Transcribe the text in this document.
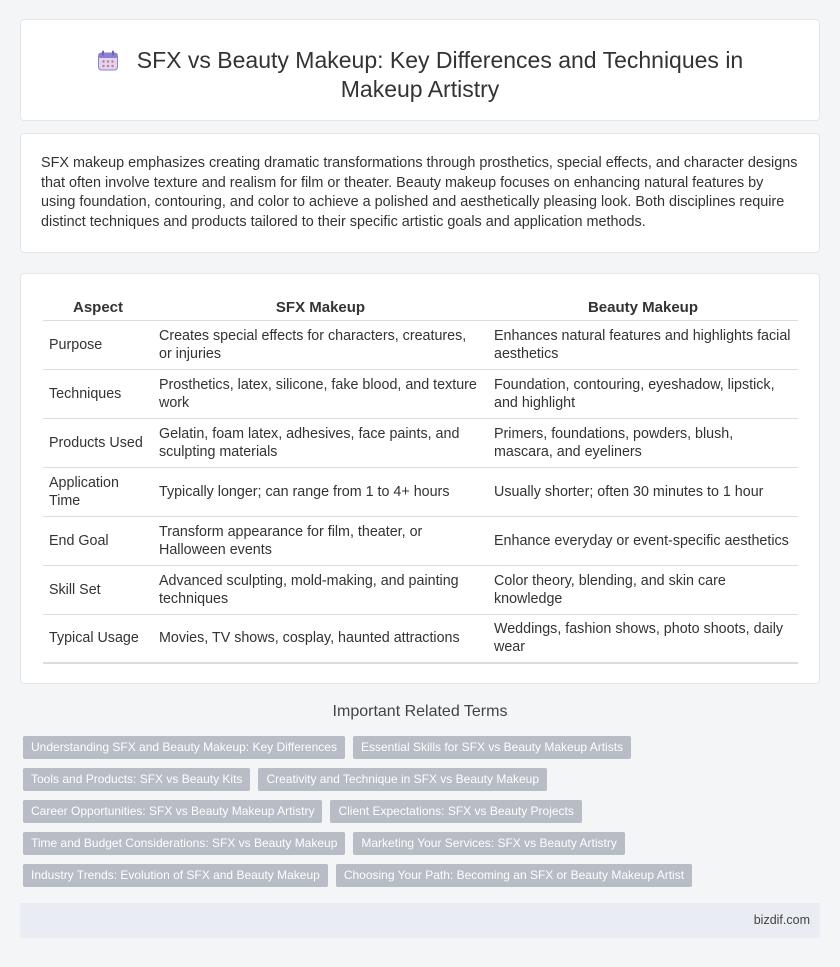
SFX vs Beauty Makeup: Key Differences and Techniques in Makeup Artistry

SFX makeup emphasizes creating dramatic transformations through prosthetics, special effects, and character designs that often involve texture and realism for film or theater. Beauty makeup focuses on enhancing natural features by using foundation, contouring, and color to achieve a polished and aesthetically pleasing look. Both disciplines require distinct techniques and products tailored to their specific artistic goals and application methods.

Aspect	SFX Makeup	Beauty Makeup
Purpose	Creates special effects for characters, creatures, or injuries	Enhances natural features and highlights facial aesthetics
Techniques	Prosthetics, latex, silicone, fake blood, and texture work	Foundation, contouring, eyeshadow, lipstick, and highlight
Products Used	Gelatin, foam latex, adhesives, face paints, and sculpting materials	Primers, foundations, powders, blush, mascara, and eyeliners
Application Time	Typically longer; can range from 1 to 4+ hours	Usually shorter; often 30 minutes to 1 hour
End Goal	Transform appearance for film, theater, or Halloween events	Enhance everyday or event-specific aesthetics
Skill Set	Advanced sculpting, mold-making, and painting techniques	Color theory, blending, and skin care knowledge
Typical Usage	Movies, TV shows, cosplay, haunted attractions	Weddings, fashion shows, photo shoots, daily wear
Important Related Terms
Understanding SFX and Beauty Makeup: Key Differences	Essential Skills for SFX vs Beauty Makeup Artists
Tools and Products: SFX vs Beauty Kits	Creativity and Technique in SFX vs Beauty Makeup
Career Opportunities: SFX vs Beauty Makeup Artistry	Client Expectations: SFX vs Beauty Projects
Time and Budget Considerations: SFX vs Beauty Makeup	Marketing Your Services: SFX vs Beauty Artistry
Industry Trends: Evolution of SFX and Beauty Makeup	Choosing Your Path: Becoming an SFX or Beauty Makeup Artist
bizdif.com
